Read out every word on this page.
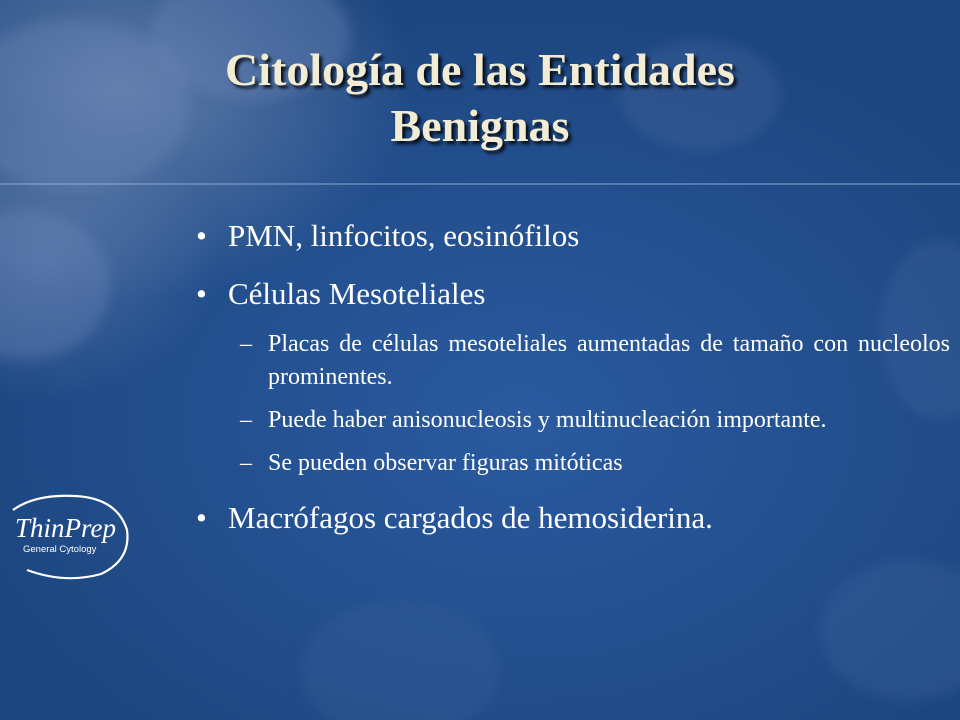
Citología de las Entidades
Benignas
• PMN, linfocitos, eosinófilos
• Células Mesoteliales
– Placas de células mesoteliales aumentadas de tamaño con nucleolos prominentes.
– Puede haber anisonucleosis y multinucleación importante.
– Se pueden observar figuras mitóticas
• Macrófagos cargados de hemosiderina.
ThinPrep
General Cytology
